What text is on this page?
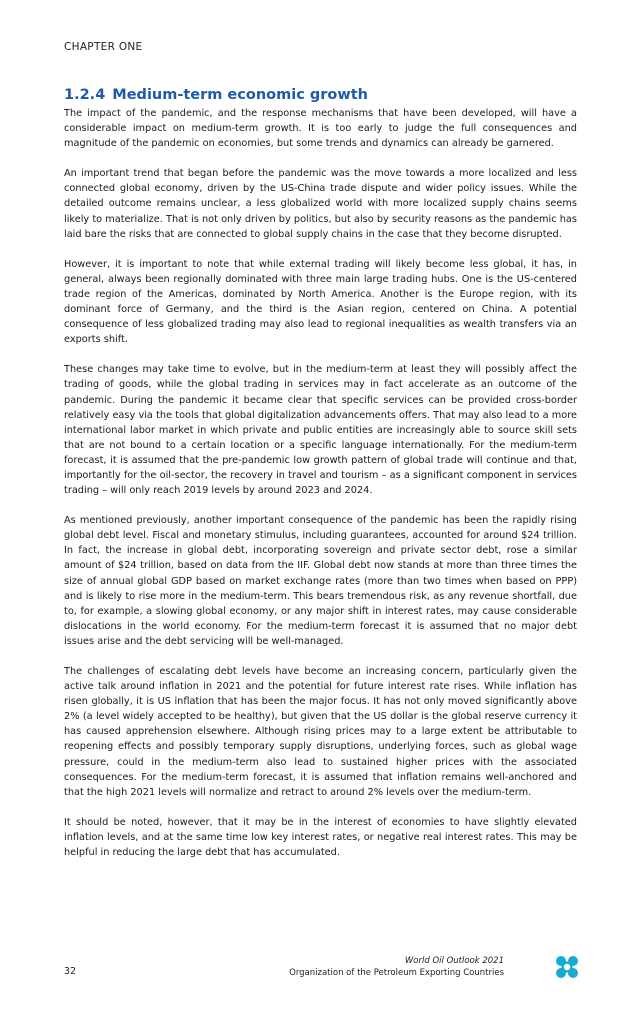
CHAPTER ONE
1.2.4 Medium-term economic growth

The impact of the pandemic, and the response mechanisms that have been developed, will have a considerable impact on medium-term growth. It is too early to judge the full consequences and magnitude of the pandemic on economies, but some trends and dynamics can already be garnered.

An important trend that began before the pandemic was the move towards a more localized and less connected global economy, driven by the US-China trade dispute and wider policy issues. While the detailed outcome remains unclear, a less globalized world with more localized supply chains seems likely to materialize. That is not only driven by politics, but also by security reasons as the pandemic has laid bare the risks that are connected to global supply chains in the case that they become disrupted.

However, it is important to note that while external trading will likely become less global, it has, in general, always been regionally dominated with three main large trading hubs. One is the US-centered trade region of the Americas, dominated by North America. Another is the Europe region, with its dominant force of Germany, and the third is the Asian region, centered on China. A potential consequence of less globalized trading may also lead to regional inequalities as wealth transfers via an exports shift.

These changes may take time to evolve, but in the medium-term at least they will possibly affect the trading of goods, while the global trading in services may in fact accelerate as an outcome of the pandemic. During the pandemic it became clear that specific services can be provided cross-border relatively easy via the tools that global digitalization advancements offers. That may also lead to a more international labor market in which private and public entities are increasingly able to source skill sets that are not bound to a certain location or a specific language internationally. For the medium-term forecast, it is assumed that the pre-pandemic low growth pattern of global trade will continue and that, importantly for the oil-sector, the recovery in travel and tourism – as a significant component in services trading – will only reach 2019 levels by around 2023 and 2024.

As mentioned previously, another important consequence of the pandemic has been the rapidly rising global debt level. Fiscal and monetary stimulus, including guarantees, accounted for around $24 trillion. In fact, the increase in global debt, incorporating sovereign and private sector debt, rose a similar amount of $24 trillion, based on data from the IIF. Global debt now stands at more than three times the size of annual global GDP based on market exchange rates (more than two times when based on PPP) and is likely to rise more in the medium-term. This bears tremendous risk, as any revenue shortfall, due to, for example, a slowing global economy, or any major shift in interest rates, may cause considerable dislocations in the world economy. For the medium-term forecast it is assumed that no major debt issues arise and the debt servicing will be well-managed.

The challenges of escalating debt levels have become an increasing concern, particularly given the active talk around inflation in 2021 and the potential for future interest rate rises. While inflation has risen globally, it is US inflation that has been the major focus. It has not only moved significantly above 2% (a level widely accepted to be healthy), but given that the US dollar is the global reserve currency it has caused apprehension elsewhere. Although rising prices may to a large extent be attributable to reopening effects and possibly temporary supply disruptions, underlying forces, such as global wage pressure, could in the medium-term also lead to sustained higher prices with the associated consequences. For the medium-term forecast, it is assumed that inflation remains well-anchored and that the high 2021 levels will normalize and retract to around 2% levels over the medium-term.

It should be noted, however, that it may be in the interest of economies to have slightly elevated inflation levels, and at the same time low key interest rates, or negative real interest rates. This may be helpful in reducing the large debt that has accumulated.

32
World Oil Outlook 2021
Organization of the Petroleum Exporting Countries
